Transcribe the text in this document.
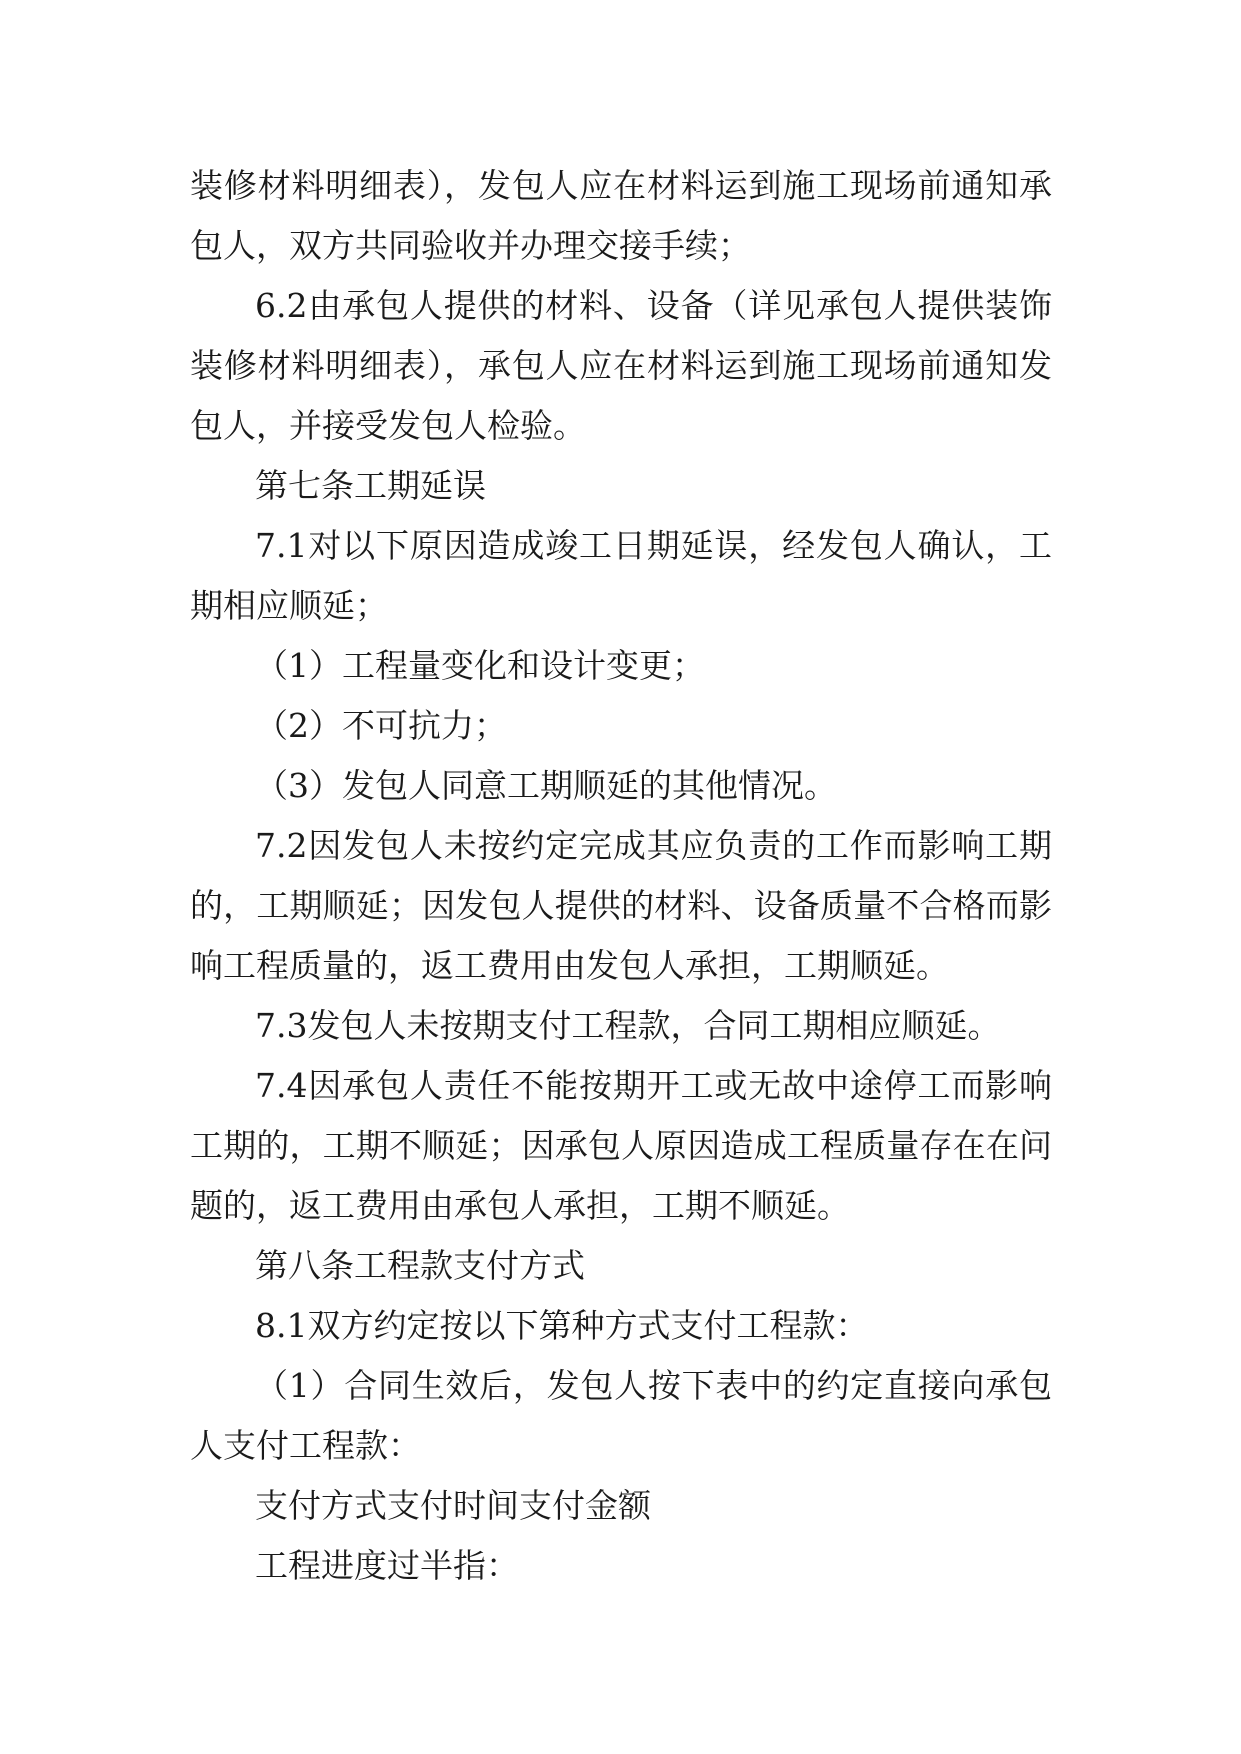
装修材料明细表），发包人应在材料运到施工现场前通知承
包人，双方共同验收并办理交接手续；
6.2由承包人提供的材料、设备（详见承包人提供装饰
装修材料明细表），承包人应在材料运到施工现场前通知发
包人，并接受发包人检验。
第七条工期延误
7.1对以下原因造成竣工日期延误，经发包人确认，工
期相应顺延；
（1）工程量变化和设计变更；
（2）不可抗力；
（3）发包人同意工期顺延的其他情况。
7.2因发包人未按约定完成其应负责的工作而影响工期
的，工期顺延；因发包人提供的材料、设备质量不合格而影
响工程质量的，返工费用由发包人承担，工期顺延。
7.3发包人未按期支付工程款，合同工期相应顺延。
7.4因承包人责任不能按期开工或无故中途停工而影响
工期的，工期不顺延；因承包人原因造成工程质量存在在问
题的，返工费用由承包人承担，工期不顺延。
第八条工程款支付方式
8.1双方约定按以下第种方式支付工程款：
（1）合同生效后，发包人按下表中的约定直接向承包
人支付工程款：
支付方式支付时间支付金额
工程进度过半指：
